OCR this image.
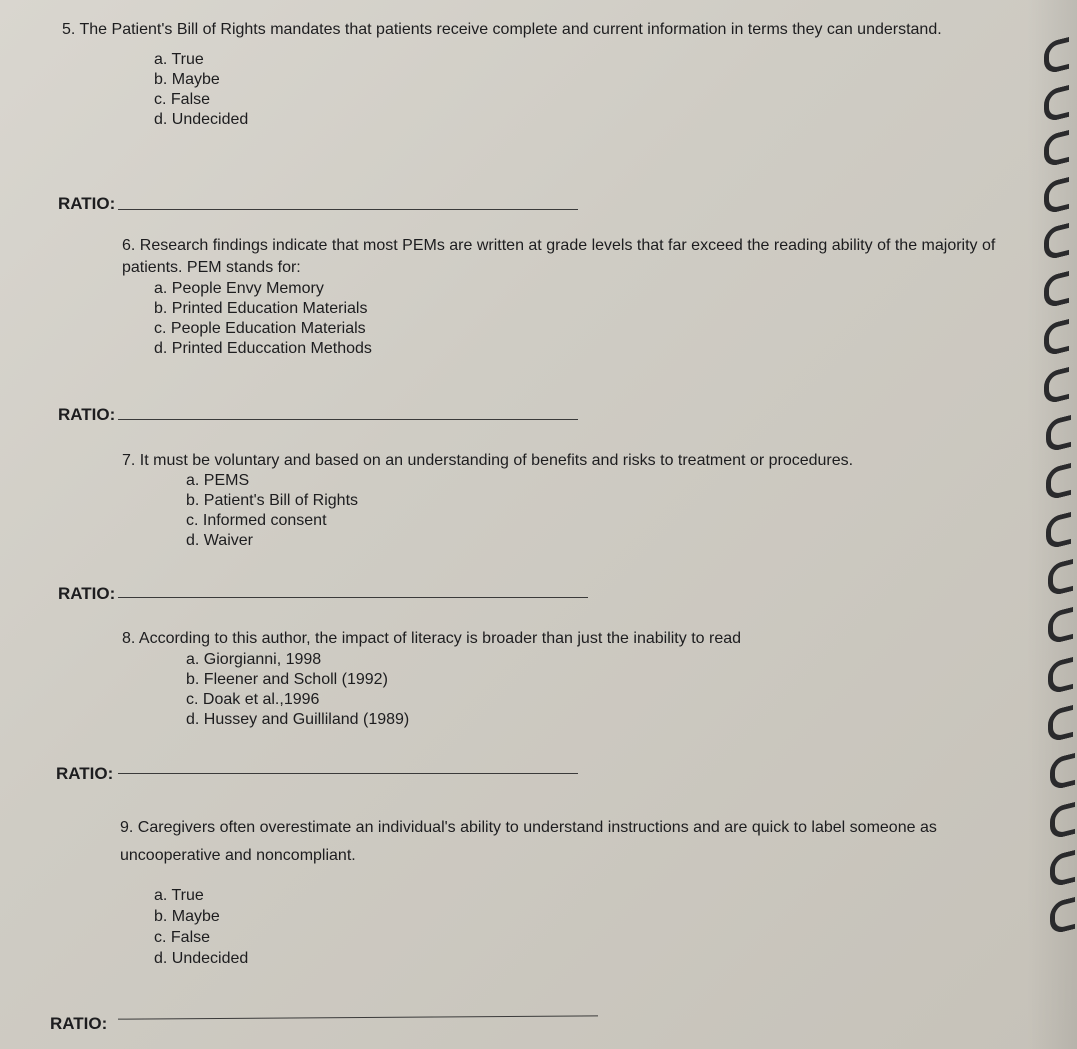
5. The Patient's Bill of Rights mandates that patients receive complete and current information in terms they can understand.

a. True
b. Maybe
c. False
d. Undecided
RATIO:

6. Research findings indicate that most PEMs are written at grade levels that far exceed the reading ability of the majority of patients. PEM stands for:

a. People Envy Memory
b. Printed Education Materials
c. People Education Materials
d. Printed Educcation Methods
RATIO:

7. It must be voluntary and based on an understanding of benefits and risks to treatment or procedures.

a. PEMS
b. Patient's Bill of Rights
c. Informed consent
d. Waiver
RATIO:

8. According to this author, the impact of literacy is broader than just the inability to read

a. Giorgianni, 1998
b. Fleener and Scholl (1992)
c. Doak et al.,1996
d. Hussey and Guilliland (1989)
RATIO:

9. Caregivers often overestimate an individual's ability to understand instructions and are quick to label someone as uncooperative and noncompliant.

a. True
b. Maybe
c. False
d. Undecided
RATIO:
